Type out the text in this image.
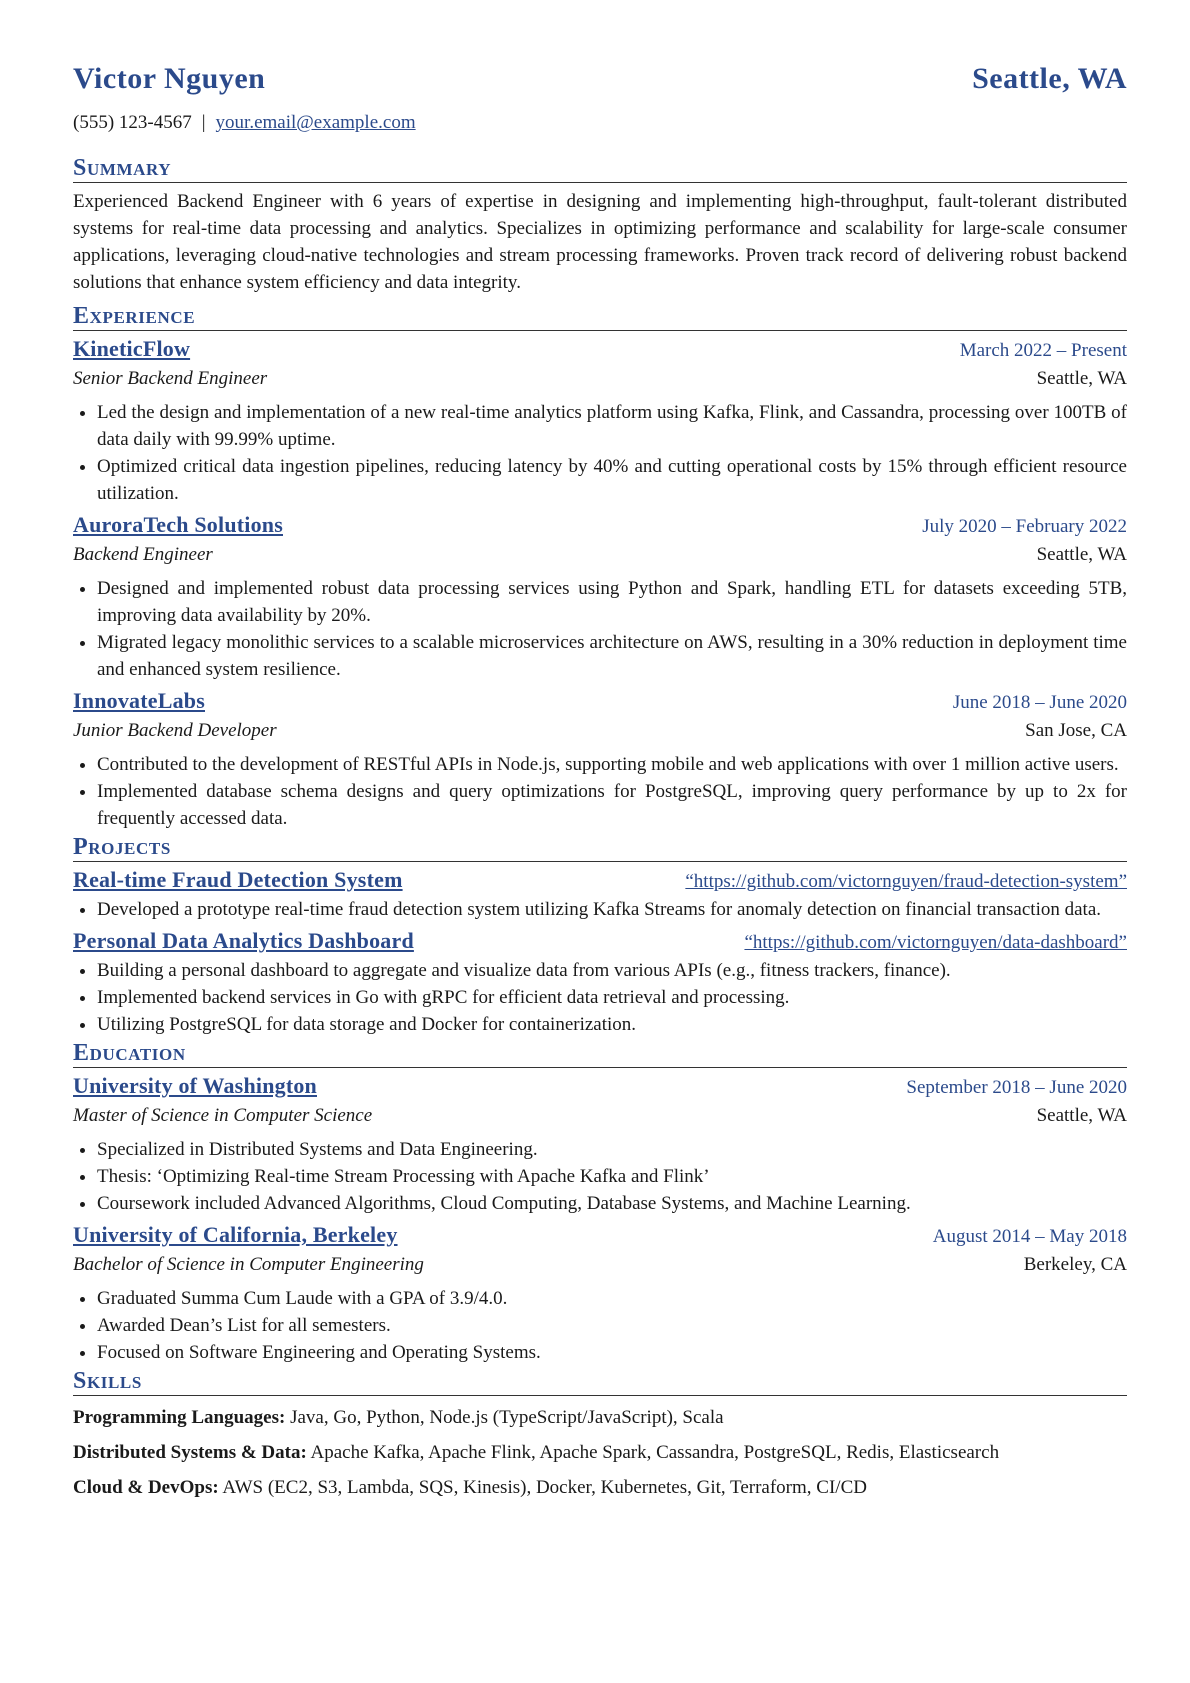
Victor Nguyen	Seattle, WA
(555) 123-4567 | your.email@example.com
Summary
Experienced Backend Engineer with 6 years of expertise in designing and implementing high-throughput, fault-tolerant distributed systems for real-time data processing and analytics. Specializes in optimizing performance and scalability for large-scale consumer applications, leveraging cloud-native technologies and stream processing frameworks. Proven track record of delivering robust backend solutions that enhance system efficiency and data integrity.
Experience
KineticFlow	March 2022 – Present
Senior Backend Engineer	Seattle, WA
• Led the design and implementation of a new real-time analytics platform using Kafka, Flink, and Cassandra, processing over 100TB of data daily with 99.99% uptime.
• Optimized critical data ingestion pipelines, reducing latency by 40% and cutting operational costs by 15% through efficient resource utilization.
AuroraTech Solutions	July 2020 – February 2022
Backend Engineer	Seattle, WA
• Designed and implemented robust data processing services using Python and Spark, handling ETL for datasets exceeding 5TB, improving data availability by 20%.
• Migrated legacy monolithic services to a scalable microservices architecture on AWS, resulting in a 30% reduction in deployment time and enhanced system resilience.
InnovateLabs	June 2018 – June 2020
Junior Backend Developer	San Jose, CA
• Contributed to the development of RESTful APIs in Node.js, supporting mobile and web applications with over 1 million active users.
• Implemented database schema designs and query optimizations for PostgreSQL, improving query performance by up to 2x for frequently accessed data.
Projects
Real-time Fraud Detection System	“https://github.com/victornguyen/fraud-detection-system”
• Developed a prototype real-time fraud detection system utilizing Kafka Streams for anomaly detection on financial transaction data.
Personal Data Analytics Dashboard	“https://github.com/victornguyen/data-dashboard”
• Building a personal dashboard to aggregate and visualize data from various APIs (e.g., fitness trackers, finance).
• Implemented backend services in Go with gRPC for efficient data retrieval and processing.
• Utilizing PostgreSQL for data storage and Docker for containerization.
Education
University of Washington	September 2018 – June 2020
Master of Science in Computer Science	Seattle, WA
• Specialized in Distributed Systems and Data Engineering.
• Thesis: ‘Optimizing Real-time Stream Processing with Apache Kafka and Flink’
• Coursework included Advanced Algorithms, Cloud Computing, Database Systems, and Machine Learning.
University of California, Berkeley	August 2014 – May 2018
Bachelor of Science in Computer Engineering	Berkeley, CA
• Graduated Summa Cum Laude with a GPA of 3.9/4.0.
• Awarded Dean’s List for all semesters.
• Focused on Software Engineering and Operating Systems.
Skills
Programming Languages: Java, Go, Python, Node.js (TypeScript/JavaScript), Scala
Distributed Systems & Data: Apache Kafka, Apache Flink, Apache Spark, Cassandra, PostgreSQL, Redis, Elasticsearch
Cloud & DevOps: AWS (EC2, S3, Lambda, SQS, Kinesis), Docker, Kubernetes, Git, Terraform, CI/CD
